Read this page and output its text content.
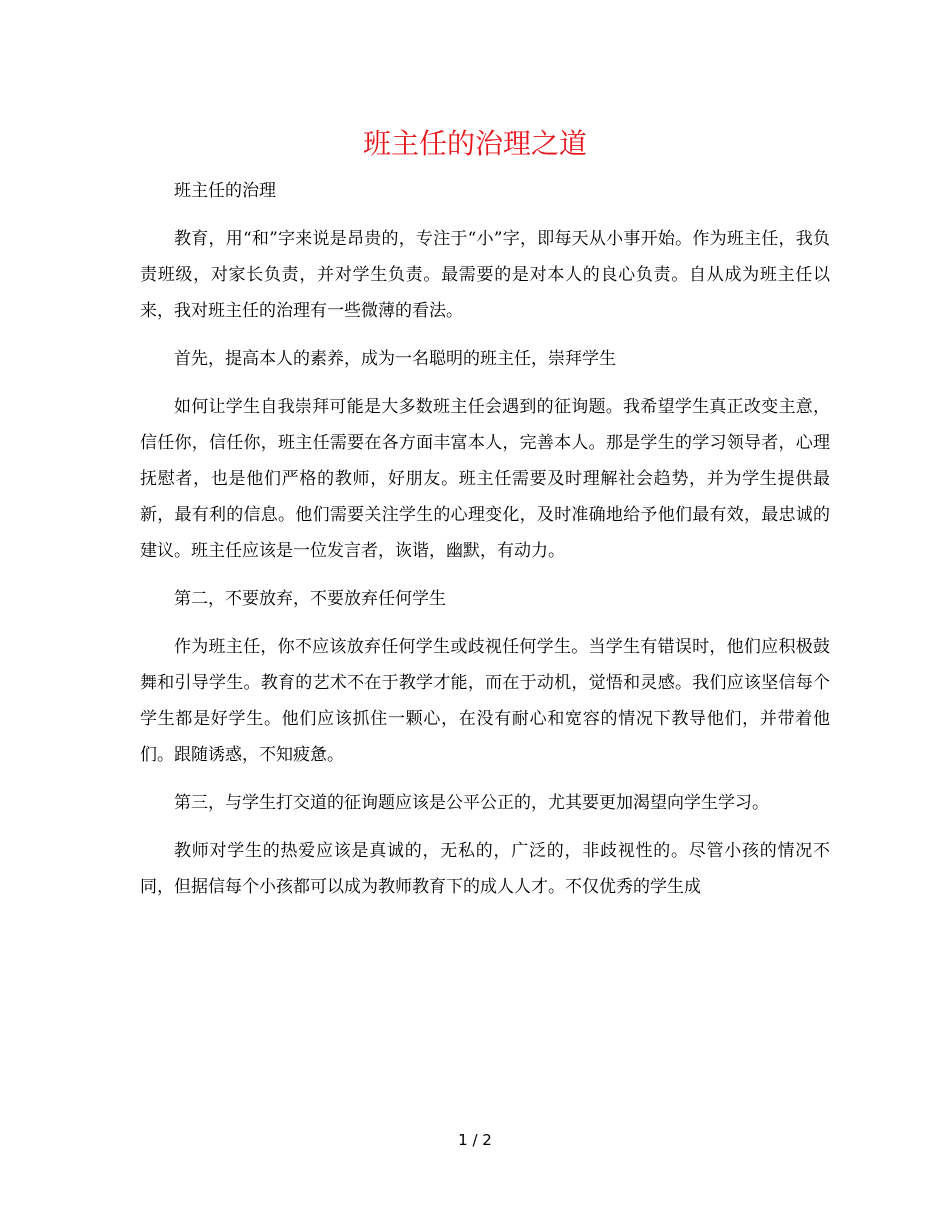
班主任的治理之道

班主任的治理

教育，用“和”字来说是昂贵的，专注于“小”字，即每天从小事开始。作为班主任，我负责班级，对家长负责，并对学生负责。最需要的是对本人的良心负责。自从成为班主任以来，我对班主任的治理有一些微薄的看法。

首先，提高本人的素养，成为一名聪明的班主任，崇拜学生

如何让学生自我崇拜可能是大多数班主任会遇到的征询题。我希望学生真正改变主意，信任你，信任你，班主任需要在各方面丰富本人，完善本人。那是学生的学习领导者，心理抚慰者，也是他们严格的教师，好朋友。班主任需要及时理解社会趋势，并为学生提供最新，最有利的信息。他们需要关注学生的心理变化，及时准确地给予他们最有效，最忠诚的建议。班主任应该是一位发言者，诙谐，幽默，有动力。

第二，不要放弃，不要放弃任何学生

作为班主任，你不应该放弃任何学生或歧视任何学生。当学生有错误时，他们应积极鼓舞和引导学生。教育的艺术不在于教学才能，而在于动机，觉悟和灵感。我们应该坚信每个学生都是好学生。他们应该抓住一颗心，在没有耐心和宽容的情况下教导他们，并带着他们。跟随诱惑，不知疲惫。

第三，与学生打交道的征询题应该是公平公正的，尤其要更加渴望向学生学习。

教师对学生的热爱应该是真诚的，无私的，广泛的，非歧视性的。尽管小孩的情况不同，但据信每个小孩都可以成为教师教育下的成人人才。不仅优秀的学生成

1 / 2
